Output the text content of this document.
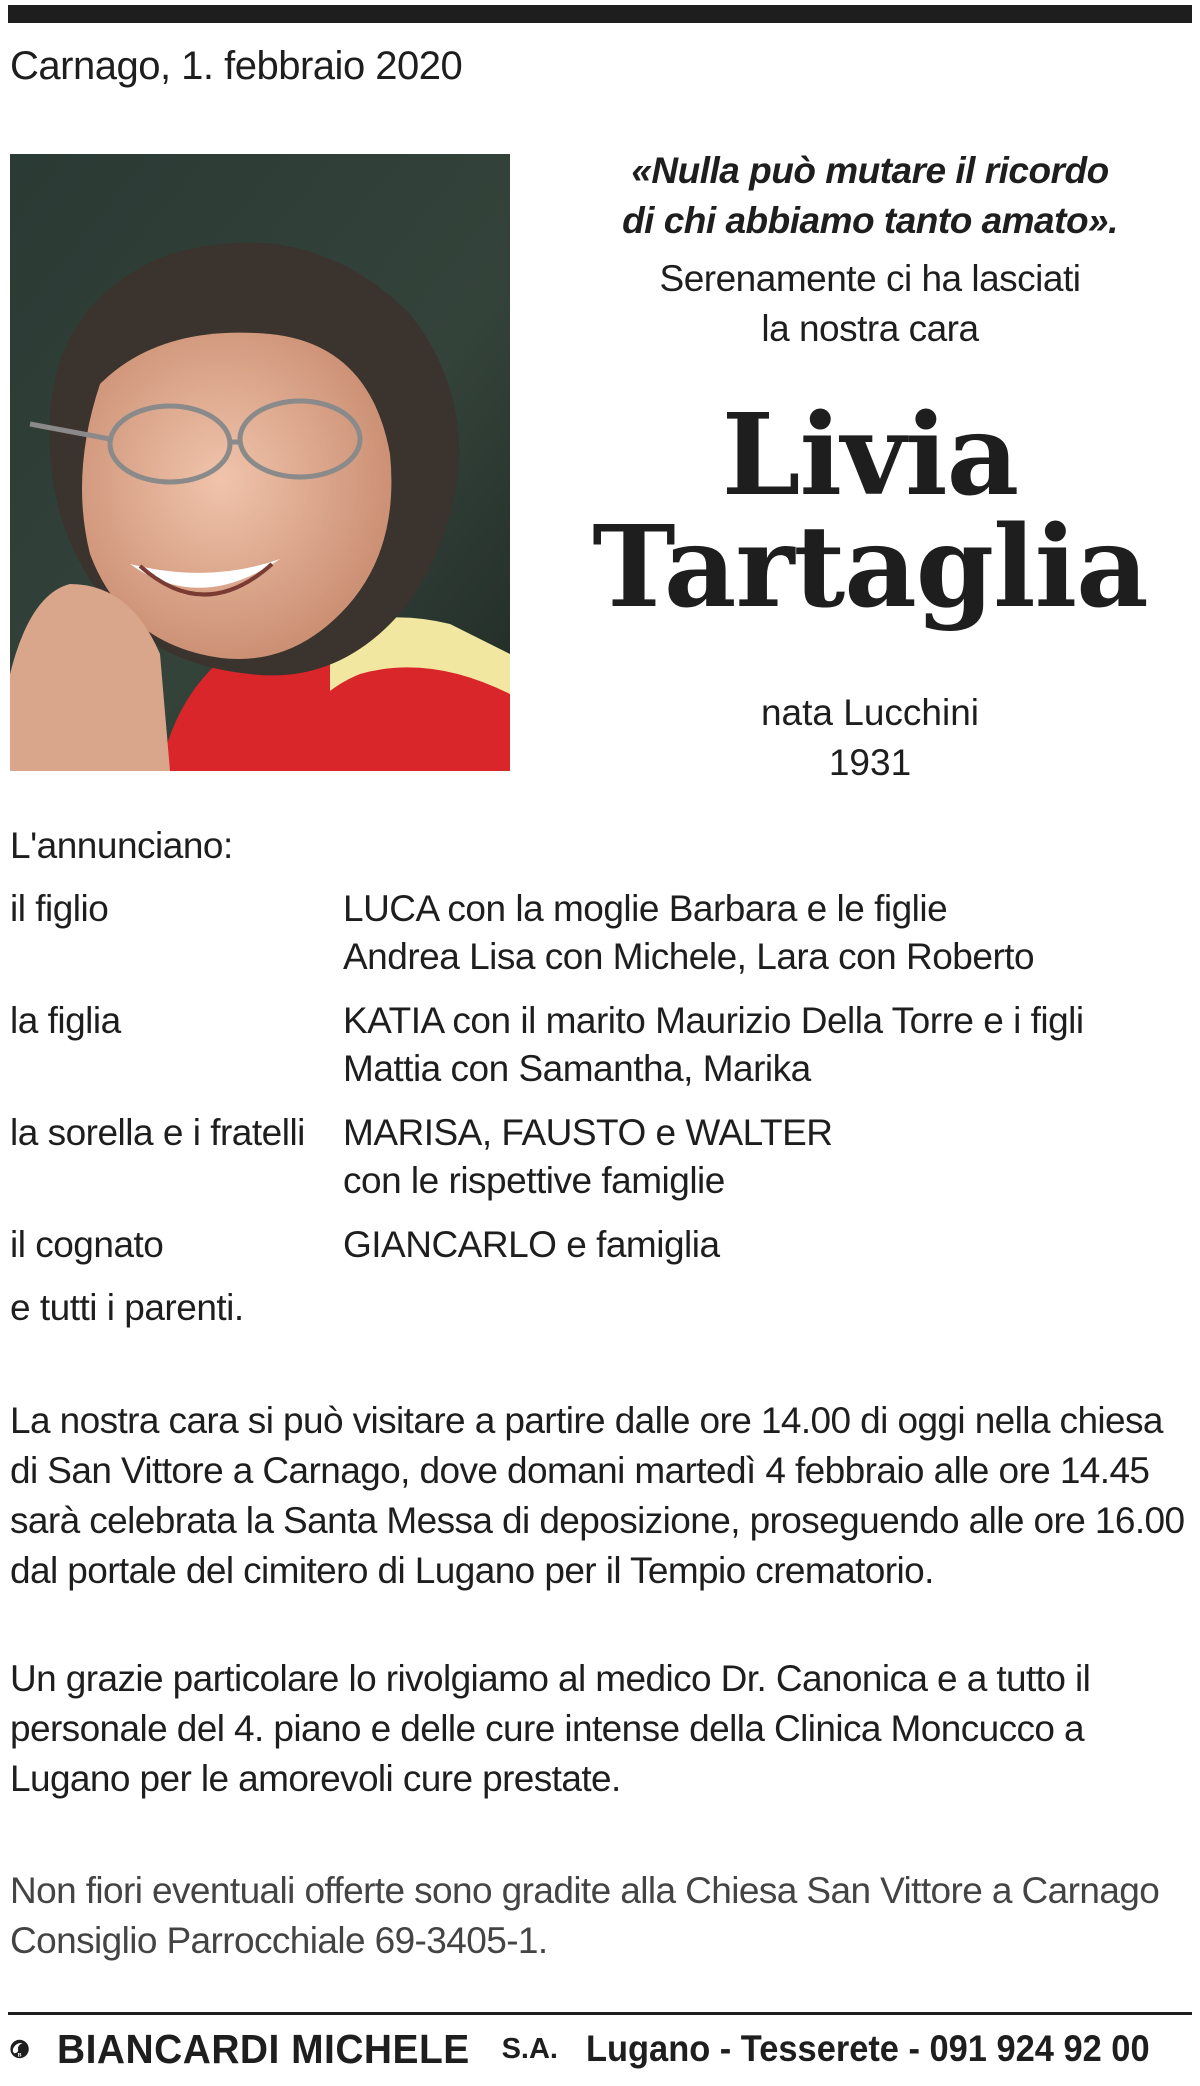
Carnago, 1. febbraio 2020
«Nulla può mutare il ricordo
di chi abbiamo tanto amato».
Serenamente ci ha lasciati
la nostra cara
Livia
Tartaglia
nata Lucchini
1931
L'annunciano:
il figlio	LUCA con la moglie Barbara e le figlie
Andrea Lisa con Michele, Lara con Roberto
la figlia	KATIA con il marito Maurizio Della Torre e i figli
Mattia con Samantha, Marika
la sorella e i fratelli	MARISA, FAUSTO e WALTER
con le rispettive famiglie
il cognato	GIANCARLO e famiglia
e tutti i parenti.
La nostra cara si può visitare a partire dalle ore 14.00 di oggi nella chiesa di San Vittore a Carnago, dove domani martedì 4 febbraio alle ore 14.45 sarà celebrata la Santa Messa di deposizione, proseguendo alle ore 16.00 dal portale del cimitero di Lugano per il Tempio crematorio.
Un grazie particolare lo rivolgiamo al medico Dr. Canonica e a tutto il personale del 4. piano e delle cure intense della Clinica Moncucco a Lugano per le amorevoli cure prestate.
Non fiori eventuali offerte sono gradite alla Chiesa San Vittore a Carnago Consiglio Parrocchiale 69-3405-1.
B BIANCARDI MICHELE S.A. Lugano - Tesserete - 091 924 92 00
